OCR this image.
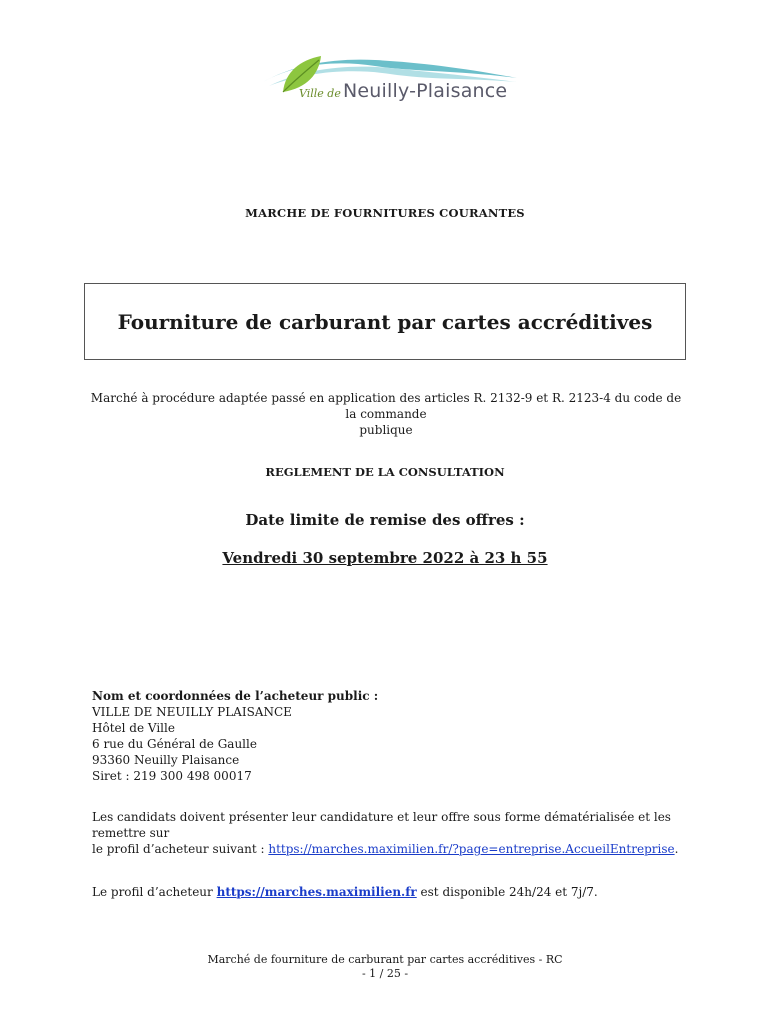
Ville de Neuilly-Plaisance
MARCHE DE FOURNITURES COURANTES
Fourniture de carburant par cartes accréditives
Marché à procédure adaptée passé en application des articles R. 2132-9 et R. 2123-4 du code de la commande
publique
REGLEMENT DE LA CONSULTATION
Date limite de remise des offres :
Vendredi 30 septembre 2022 à 23 h 55
Nom et coordonnées de l’acheteur public :
VILLE DE NEUILLY PLAISANCE
Hôtel de Ville
6 rue du Général de Gaulle
93360 Neuilly Plaisance
Siret : 219 300 498 00017
Les candidats doivent présenter leur candidature et leur offre sous forme dématérialisée et les remettre sur
le profil d’acheteur suivant : https://marches.maximilien.fr/?page=entreprise.AccueilEntreprise.
Le profil d’acheteur https://marches.maximilien.fr est disponible 24h/24 et 7j/7.
Marché de fourniture de carburant par cartes accréditives - RC
- 1 / 25 -
